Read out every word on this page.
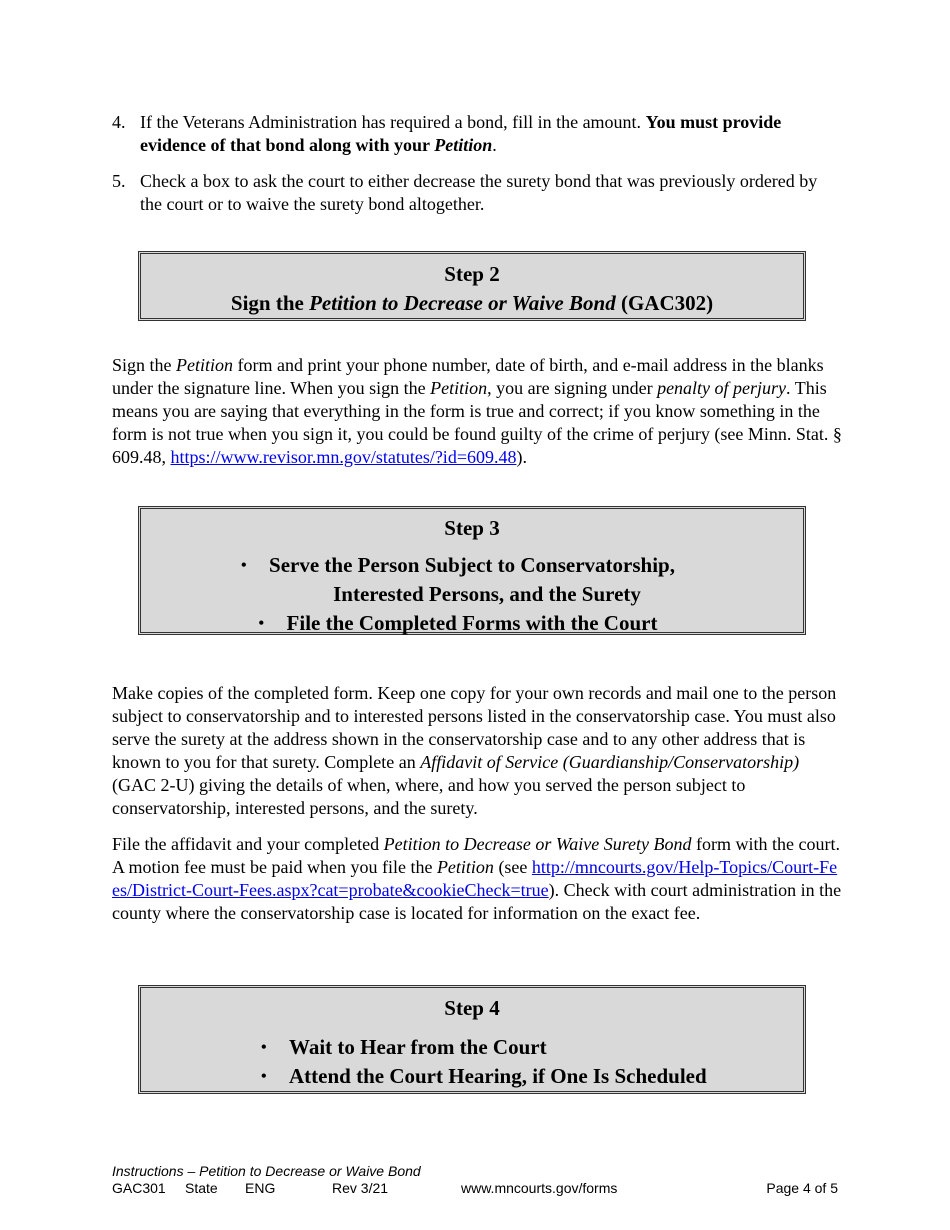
4. If the Veterans Administration has required a bond, fill in the amount. You must provide evidence of that bond along with your Petition.
5. Check a box to ask the court to either decrease the surety bond that was previously ordered by the court or to waive the surety bond altogether.
Step 2
Sign the Petition to Decrease or Waive Bond (GAC302)

Sign the Petition form and print your phone number, date of birth, and e-mail address in the blanks under the signature line. When you sign the Petition, you are signing under penalty of perjury. This means you are saying that everything in the form is true and correct; if you know something in the form is not true when you sign it, you could be found guilty of the crime of perjury (see Minn. Stat. § 609.48, https://www.revisor.mn.gov/statutes/?id=609.48).

Step 3
• Serve the Person Subject to Conservatorship,
Interested Persons, and the Surety
• File the Completed Forms with the Court

Make copies of the completed form. Keep one copy for your own records and mail one to the person subject to conservatorship and to interested persons listed in the conservatorship case. You must also serve the surety at the address shown in the conservatorship case and to any other address that is known to you for that surety. Complete an Affidavit of Service (Guardianship/Conservatorship) (GAC 2-U) giving the details of when, where, and how you served the person subject to conservatorship, interested persons, and the surety.

File the affidavit and your completed Petition to Decrease or Waive Surety Bond form with the court. A motion fee must be paid when you file the Petition (see http://mncourts.gov/Help-Topics/Court-Fees/District-Court-Fees.aspx?cat=probate&cookieCheck=true). Check with court administration in the county where the conservatorship case is located for information on the exact fee.

Step 4
• Wait to Hear from the Court
• Attend the Court Hearing, if One Is Scheduled
Instructions – Petition to Decrease or Waive Bond
GAC301 State ENG	Rev 3/21	www.mncourts.gov/forms	Page 4 of 5
